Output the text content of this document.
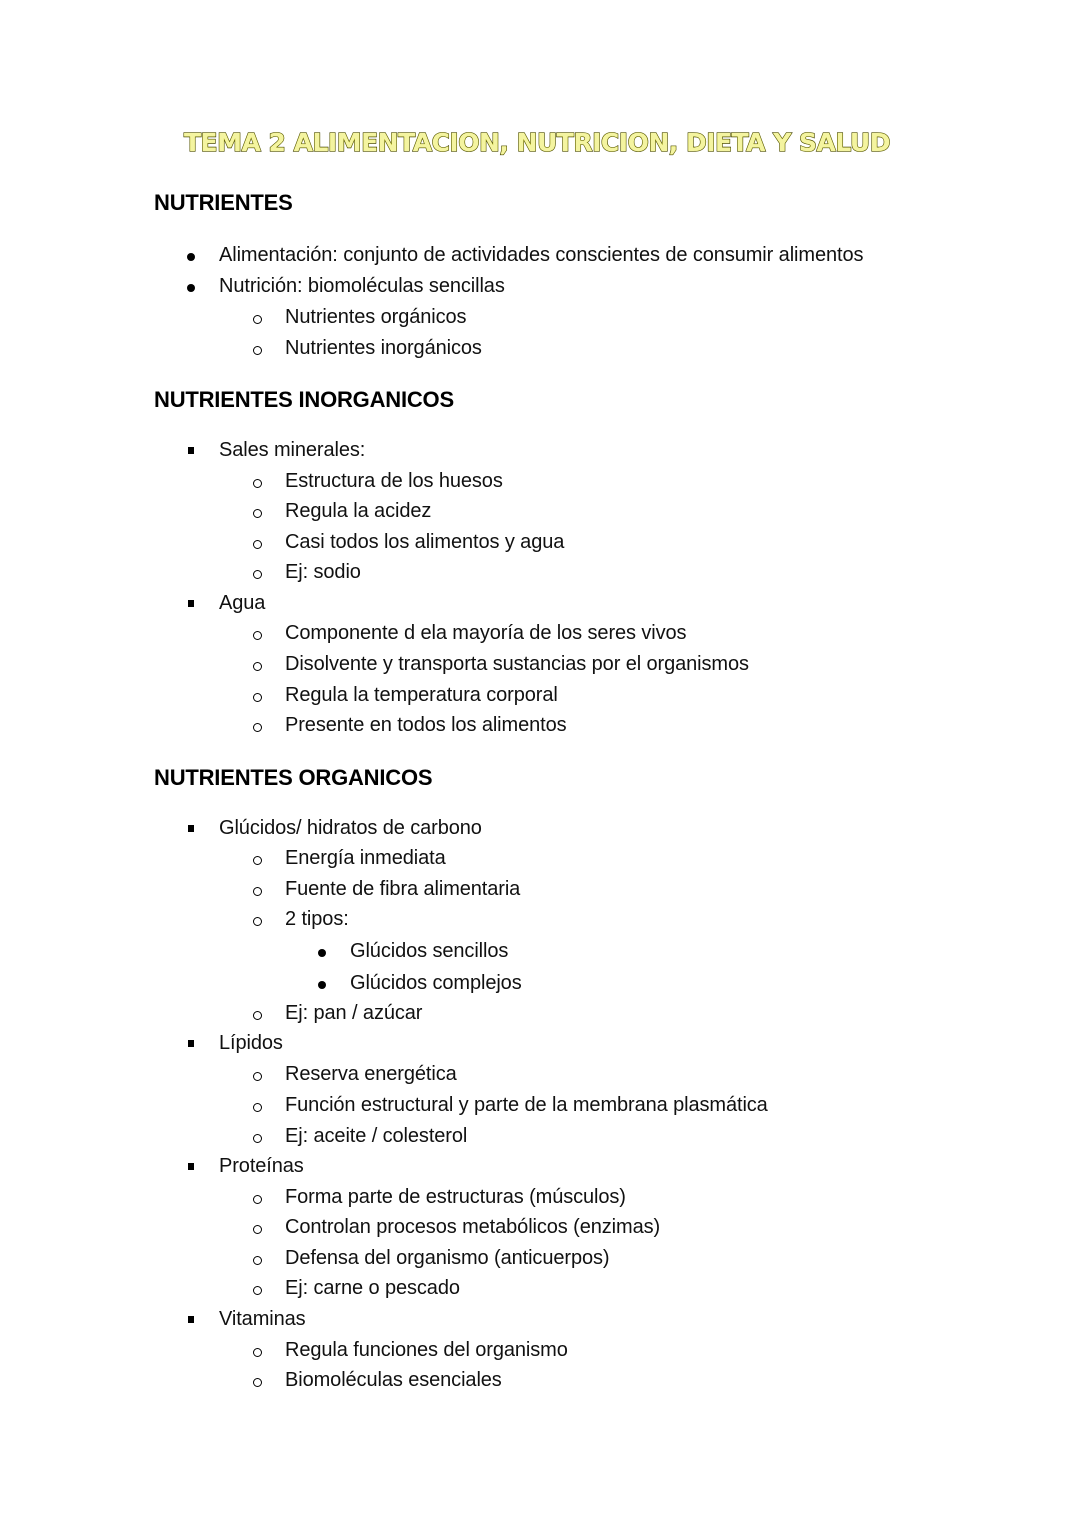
TEMA 2 ALIMENTACION, NUTRICION, DIETA Y SALUD
NUTRIENTES
Alimentación: conjunto de actividades conscientes de consumir alimentos
Nutrición: biomoléculas sencillas
Nutrientes orgánicos
Nutrientes inorgánicos
NUTRIENTES INORGANICOS
Sales minerales:
Estructura de los huesos
Regula la acidez
Casi todos los alimentos y agua
Ej: sodio
Agua
Componente d ela mayoría de los seres vivos
Disolvente y transporta sustancias por el organismos
Regula la temperatura corporal
Presente en todos los alimentos
NUTRIENTES ORGANICOS
Glúcidos/ hidratos de carbono
Energía inmediata
Fuente de fibra alimentaria
2 tipos:
Glúcidos sencillos
Glúcidos complejos
Ej: pan / azúcar
Lípidos
Reserva energética
Función estructural y parte de la membrana plasmática
Ej: aceite / colesterol
Proteínas
Forma parte de estructuras (músculos)
Controlan procesos metabólicos (enzimas)
Defensa del organismo (anticuerpos)
Ej: carne o pescado
Vitaminas
Regula funciones del organismo
Biomoléculas esenciales
